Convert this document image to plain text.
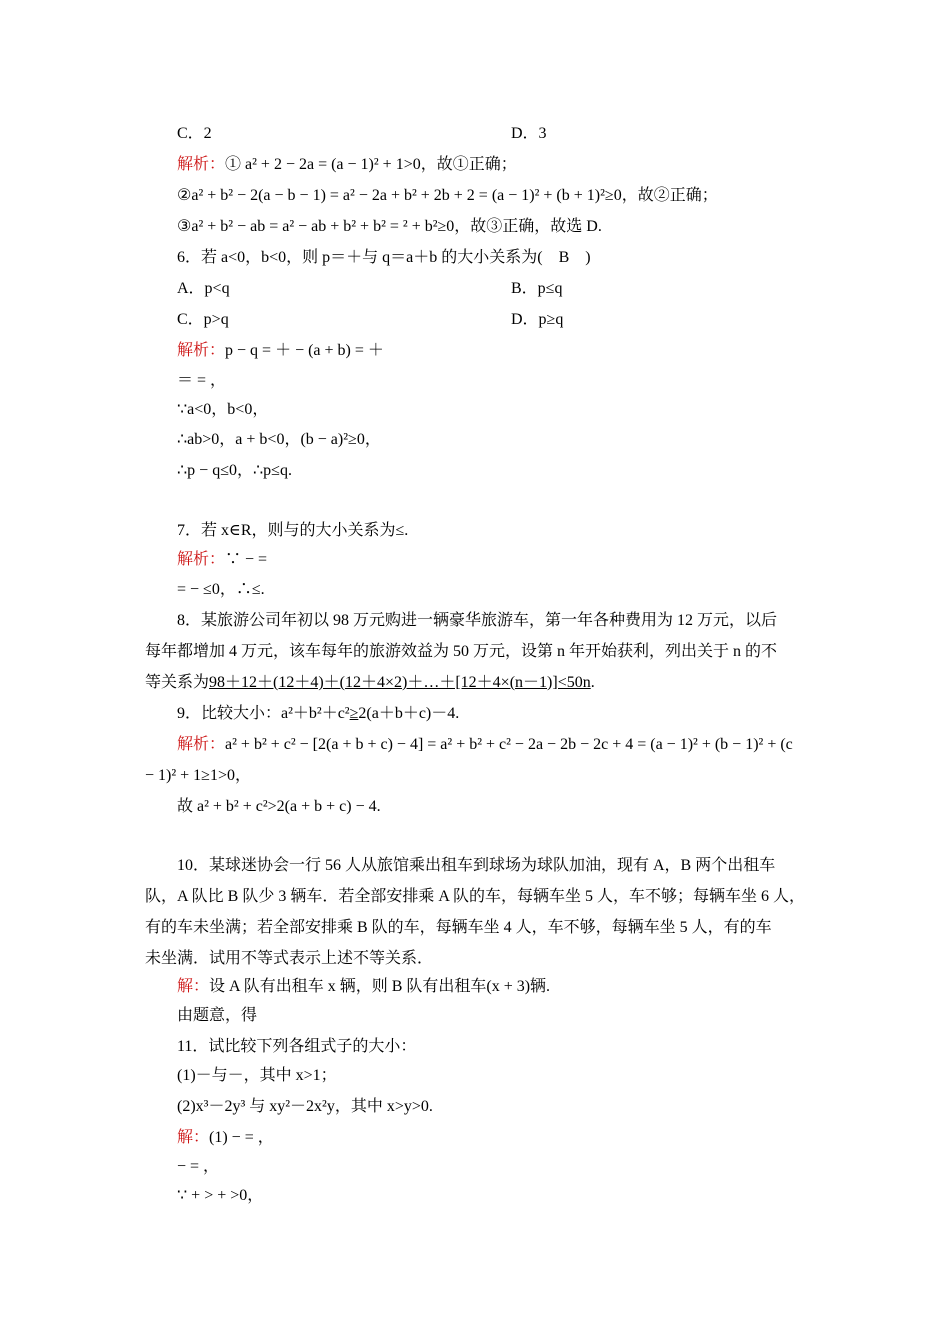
C．2	D．3
解析：① a² + 2 − 2a = (a − 1)² + 1>0，故①正确；
②a² + b² − 2(a − b − 1) = a² − 2a + b² + 2b + 2 = (a − 1)² + (b + 1)²≥0，故②正确；
③a² + b² − ab = a² − ab + b² + b² = ² + b²≥0，故③正确，故选 D.
6．若 a<0，b<0，则 p＝＋与 q＝a＋b 的大小关系为(　B　)
A．p<q	B．p≤q
C．p>q	D．p≥q
解析：p − q = ＋ − (a + b) = ＋
＝ = ，
∵a<0，b<0，
∴ab>0，a + b<0，(b − a)²≥0，
∴p − q≤0，∴p≤q.
7．若 x∈R，则与的大小关系为≤.
解析：∵ − =
= − ≤0，∴≤.
8．某旅游公司年初以 98 万元购进一辆豪华旅游车，第一年各种费用为 12 万元，以后
每年都增加 4 万元，该车每年的旅游效益为 50 万元，设第 n 年开始获利，列出关于 n 的不
等关系为98＋12＋(12＋4)＋(12＋4×2)＋…＋[12＋4×(n－1)]<50n.
9．比较大小：a²＋b²＋c²≥2(a＋b＋c)－4.
解析：a² + b² + c² − [2(a + b + c) − 4] = a² + b² + c² − 2a − 2b − 2c + 4 = (a − 1)² + (b − 1)² + (c
− 1)² + 1≥1>0，
故 a² + b² + c²>2(a + b + c) − 4.
10．某球迷协会一行 56 人从旅馆乘出租车到球场为球队加油，现有 A，B 两个出租车
队，A 队比 B 队少 3 辆车．若全部安排乘 A 队的车，每辆车坐 5 人，车不够；每辆车坐 6 人，
有的车未坐满；若全部安排乘 B 队的车，每辆车坐 4 人，车不够，每辆车坐 5 人，有的车
未坐满．试用不等式表示上述不等关系．
解：设 A 队有出租车 x 辆，则 B 队有出租车(x + 3)辆.
由题意，得
11．试比较下列各组式子的大小：
(1)－与－，其中 x>1；
(2)x³－2y³ 与 xy²－2x²y，其中 x>y>0.
解：(1) − = ，
− = ，
∵ + > + >0，
